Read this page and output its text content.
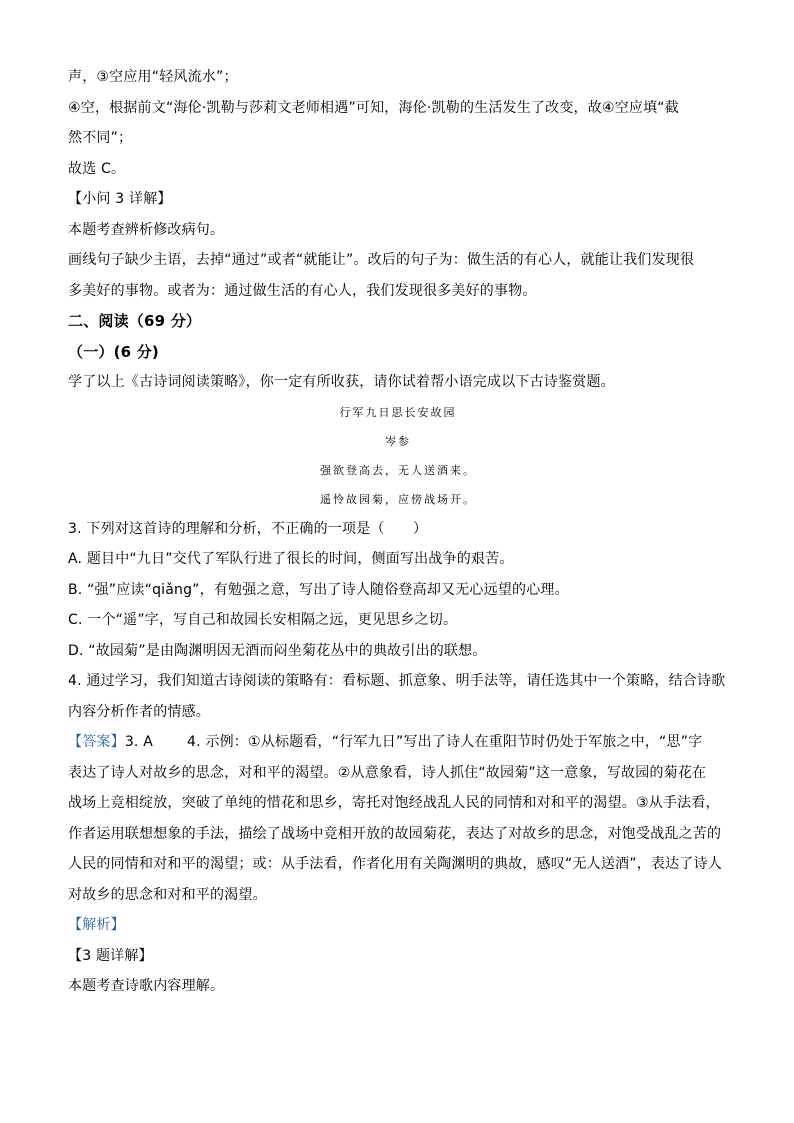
声，③空应用“轻风流水”；
④空，根据前文“海伦·凯勒与莎莉文老师相遇”可知，海伦·凯勒的生活发生了改变，故④空应填“截
然不同”；
故选 C。
【小问 3 详解】
本题考查辨析修改病句。
画线句子缺少主语，去掉“通过”或者“就能让”。改后的句子为：做生活的有心人，就能让我们发现很
多美好的事物。或者为：通过做生活的有心人，我们发现很多美好的事物。
二、阅读（69 分）
（一）(6 分)
学了以上《古诗词阅读策略》，你一定有所收获，请你试着帮小语完成以下古诗鉴赏题。
行军九日思长安故园
岑参
强欲登高去，无人送酒来。
遥怜故园菊，应傍战场开。
3. 下列对这首诗的理解和分析，不正确的一项是（　　）
A. 题目中“九日”交代了军队行进了很长的时间，侧面写出战争的艰苦。
B. “强”应读“qiǎng”，有勉强之意，写出了诗人随俗登高却又无心远望的心理。
C. 一个“遥”字，写自己和故园长安相隔之远，更见思乡之切。
D. “故园菊”是由陶渊明因无酒而闷坐菊花丛中的典故引出的联想。
4. 通过学习，我们知道古诗阅读的策略有：看标题、抓意象、明手法等，请任选其中一个策略，结合诗歌
内容分析作者的情感。
【答案】3. A 4. 示例：①从标题看，“行军九日”写出了诗人在重阳节时仍处于军旅之中，“思”字
表达了诗人对故乡的思念，对和平的渴望。②从意象看，诗人抓住“故园菊”这一意象，写故园的菊花在
战场上竞相绽放，突破了单纯的惜花和思乡，寄托对饱经战乱人民的同情和对和平的渴望。③从手法看，
作者运用联想想象的手法，描绘了战场中竞相开放的故园菊花，表达了对故乡的思念，对饱受战乱之苦的
人民的同情和对和平的渴望；或：从手法看，作者化用有关陶渊明的典故，感叹“无人送酒”，表达了诗人
对故乡的思念和对和平的渴望。
【解析】
【3 题详解】
本题考查诗歌内容理解。
